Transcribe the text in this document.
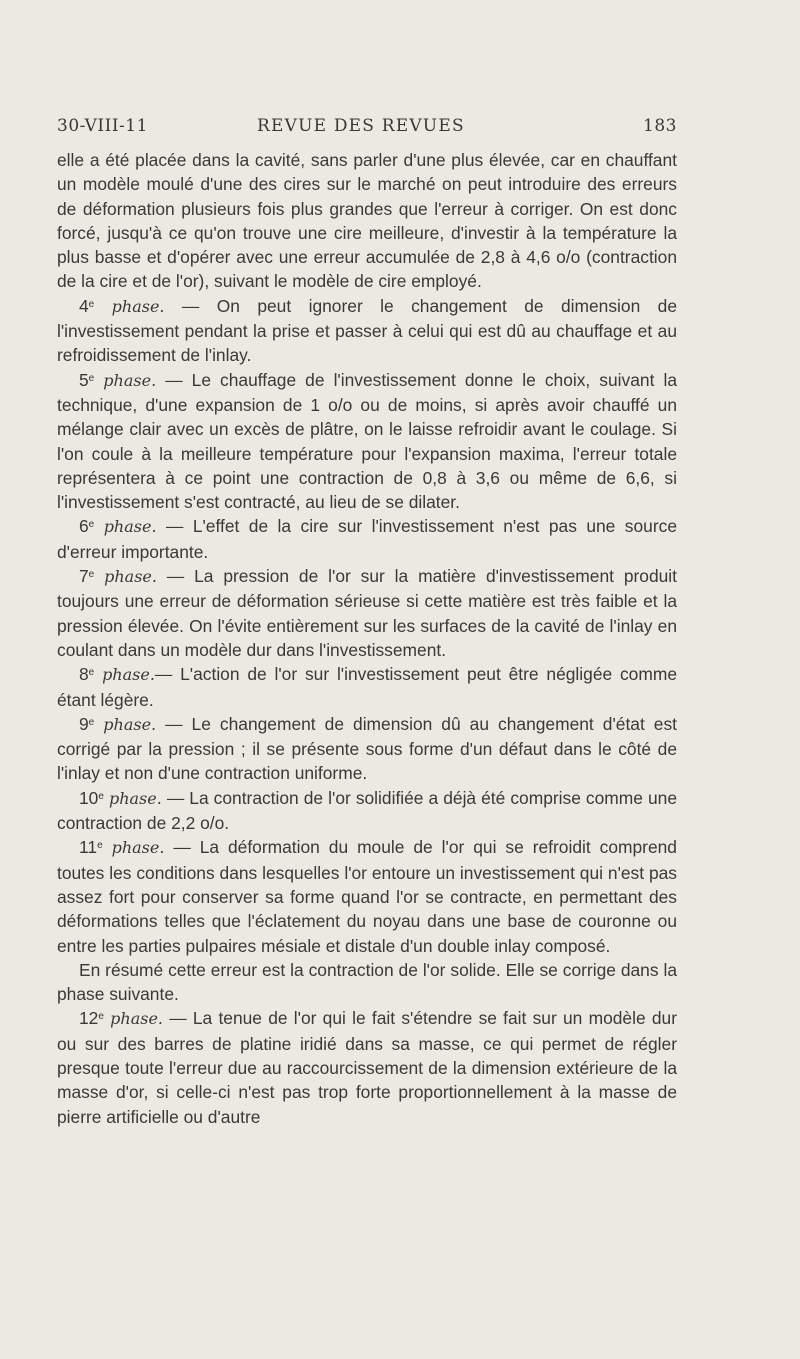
30-VIII-11	REVUE DES REVUES	183

elle a été placée dans la cavité, sans parler d'une plus élevée, car en chauffant un modèle moulé d'une des cires sur le marché on peut introduire des erreurs de déformation plusieurs fois plus grandes que l'erreur à corriger. On est donc forcé, jusqu'à ce qu'on trouve une cire meilleure, d'investir à la température la plus basse et d'opérer avec une erreur accumulée de 2,8 à 4,6 o/o (contraction de la cire et de l'or), suivant le modèle de cire employé.

4e phase. — On peut ignorer le changement de dimension de l'investissement pendant la prise et passer à celui qui est dû au chauffage et au refroidissement de l'inlay.

5e phase. — Le chauffage de l'investissement donne le choix, suivant la technique, d'une expansion de 1 o/o ou de moins, si après avoir chauffé un mélange clair avec un excès de plâtre, on le laisse refroidir avant le coulage. Si l'on coule à la meilleure température pour l'expansion maxima, l'erreur totale représentera à ce point une contraction de 0,8 à 3,6 ou même de 6,6, si l'investissement s'est contracté, au lieu de se dilater.

6e phase. — L'effet de la cire sur l'investissement n'est pas une source d'erreur importante.

7e phase. — La pression de l'or sur la matière d'investissement produit toujours une erreur de déformation sérieuse si cette matière est très faible et la pression élevée. On l'évite entièrement sur les surfaces de la cavité de l'inlay en coulant dans un modèle dur dans l'investissement.

8e phase.— L'action de l'or sur l'investissement peut être négligée comme étant légère.

9e phase. — Le changement de dimension dû au changement d'état est corrigé par la pression ; il se présente sous forme d'un défaut dans le côté de l'inlay et non d'une contraction uniforme.

10e phase. — La contraction de l'or solidifiée a déjà été comprise comme une contraction de 2,2 o/o.

11e phase. — La déformation du moule de l'or qui se refroidit comprend toutes les conditions dans lesquelles l'or entoure un investissement qui n'est pas assez fort pour conserver sa forme quand l'or se contracte, en permettant des déformations telles que l'éclatement du noyau dans une base de couronne ou entre les parties pulpaires mésiale et distale d'un double inlay composé.

En résumé cette erreur est la contraction de l'or solide. Elle se corrige dans la phase suivante.

12e phase. — La tenue de l'or qui le fait s'étendre se fait sur un modèle dur ou sur des barres de platine iridié dans sa masse, ce qui permet de régler presque toute l'erreur due au raccourcissement de la dimension extérieure de la masse d'or, si celle-ci n'est pas trop forte proportionnellement à la masse de pierre artificielle ou d'autre
